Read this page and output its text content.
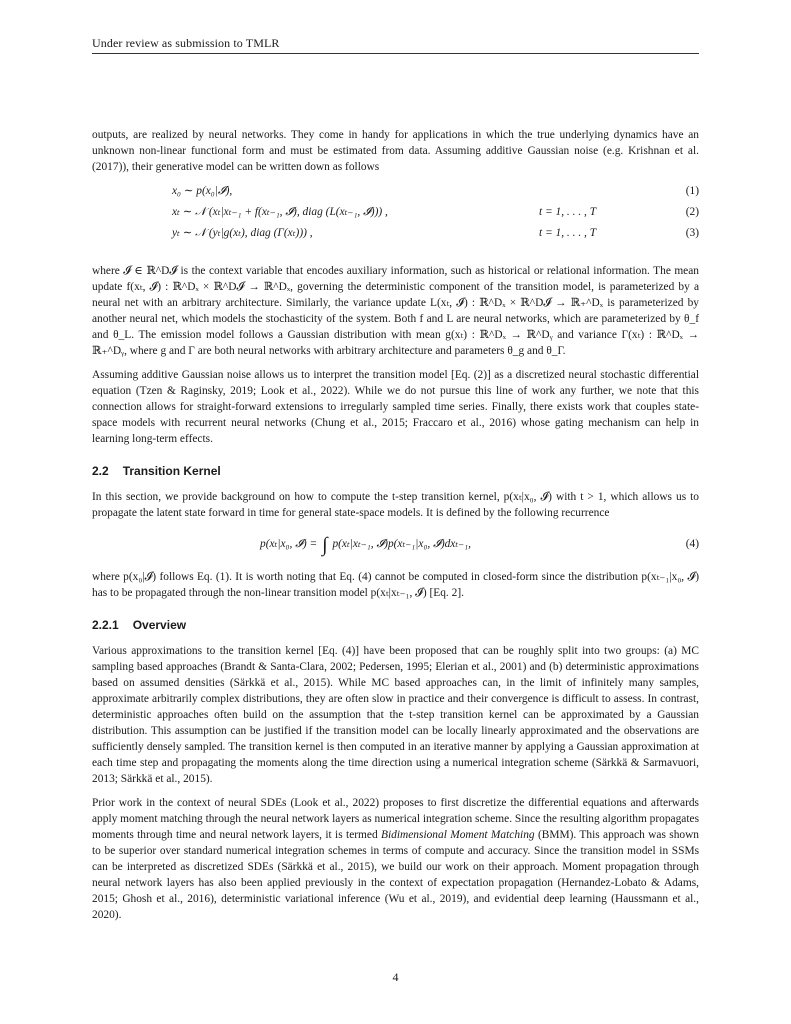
Under review as submission to TMLR

outputs, are realized by neural networks. They come in handy for applications in which the true underlying dynamics have an unknown non-linear functional form and must be estimated from data. Assuming additive Gaussian noise (e.g. Krishnan et al. (2017)), their generative model can be written down as follows

x₀ ∼ p(x₀|𝓘),	(1)
xₜ ∼ 𝒩 (xₜ|xₜ₋₁ + f(xₜ₋₁, 𝓘), diag (L(xₜ₋₁, 𝓘))) ,	t = 1, . . . , T	(2)
yₜ ∼ 𝒩 (yₜ|g(xₜ), diag (Γ(xₜ))) ,	t = 1, . . . , T	(3)

where 𝓘 ∈ ℝ^D𝓘 is the context variable that encodes auxiliary information, such as historical or relational information. The mean update f(xₜ, 𝓘) : ℝ^Dₓ × ℝ^D𝓘 → ℝ^Dₓ, governing the deterministic component of the transition model, is parameterized by a neural net with an arbitrary architecture. Similarly, the variance update L(xₜ, 𝓘) : ℝ^Dₓ × ℝ^D𝓘 → ℝ₊^Dₓ is parameterized by another neural net, which models the stochasticity of the system. Both f and L are neural networks, which are parameterized by θ_f and θ_L. The emission model follows a Gaussian distribution with mean g(xₜ) : ℝ^Dₓ → ℝ^Dᵧ and variance Γ(xₜ) : ℝ^Dₓ → ℝ₊^Dᵧ, where g and Γ are both neural networks with arbitrary architecture and parameters θ_g and θ_Γ.

Assuming additive Gaussian noise allows us to interpret the transition model [Eq. (2)] as a discretized neural stochastic differential equation (Tzen & Raginsky, 2019; Look et al., 2022). While we do not pursue this line of work any further, we note that this connection allows for straight-forward extensions to irregularly sampled time series. Finally, there exists work that couples state-space models with recurrent neural networks (Chung et al., 2015; Fraccaro et al., 2016) whose gating mechanism can help in learning long-term effects.

2.2 Transition Kernel

In this section, we provide background on how to compute the t-step transition kernel, p(xₜ|x₀, 𝓘) with t > 1, which allows us to propagate the latent state forward in time for general state-space models. It is defined by the following recurrence

p(xₜ|x₀, 𝓘) = ∫ p(xₜ|xₜ₋₁, 𝓘)p(xₜ₋₁|x₀, 𝓘)dxₜ₋₁,	(4)

where p(x₀|𝓘) follows Eq. (1). It is worth noting that Eq. (4) cannot be computed in closed-form since the distribution p(xₜ₋₁|x₀, 𝓘) has to be propagated through the non-linear transition model p(xₜ|xₜ₋₁, 𝓘) [Eq. 2].

2.2.1 Overview

Various approximations to the transition kernel [Eq. (4)] have been proposed that can be roughly split into two groups: (a) MC sampling based approaches (Brandt & Santa-Clara, 2002; Pedersen, 1995; Elerian et al., 2001) and (b) deterministic approximations based on assumed densities (Särkkä et al., 2015). While MC based approaches can, in the limit of infinitely many samples, approximate arbitrarily complex distributions, they are often slow in practice and their convergence is difficult to assess. In contrast, deterministic approaches often build on the assumption that the t-step transition kernel can be approximated by a Gaussian distribution. This assumption can be justified if the transition model can be locally linearly approximated and the observations are sufficiently densely sampled. The transition kernel is then computed in an iterative manner by applying a Gaussian approximation at each time step and propagating the moments along the time direction using a numerical integration scheme (Särkkä & Sarmavuori, 2013; Särkkä et al., 2015).

Prior work in the context of neural SDEs (Look et al., 2022) proposes to first discretize the differential equations and afterwards apply moment matching through the neural network layers as numerical integration scheme. Since the resulting algorithm propagates moments through time and neural network layers, it is termed Bidimensional Moment Matching (BMM). This approach was shown to be superior over standard numerical integration schemes in terms of compute and accuracy. Since the transition model in SSMs can be interpreted as discretized SDEs (Särkkä et al., 2015), we build our work on their approach. Moment propagation through neural network layers has also been applied previously in the context of expectation propagation (Hernandez-Lobato & Adams, 2015; Ghosh et al., 2016), deterministic variational inference (Wu et al., 2019), and evidential deep learning (Haussmann et al., 2020).

4
